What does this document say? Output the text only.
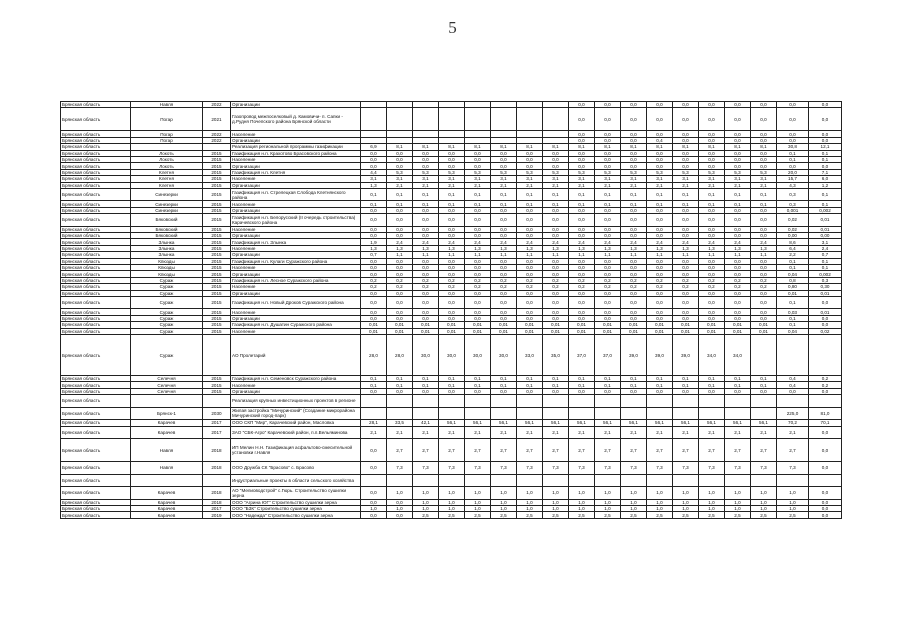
5
Брянская область	Навля	2022	Организации									0,0	0,0	0,0	0,0	0,0	0,0	0,0	0,0	0,0	0,0
Брянская область	Погар	2021	Газопровод межпоселковый д. Камовичи- п. Сапки - д.Рудня Почепского района Брянской области									0,0	0,0	0,0	0,0	0,0	0,0	0,0	0,0	0,0	0,0
Брянская область	Погар	2022	Население									0,0	0,0	0,0	0,0	0,0	0,0	0,0	0,0	0,0	0,0
Брянская область	Погар	2022	Организации									0,0	0,0	0,0	0,4	0,0	0,0	0,0	0,0	0,0	0,0
Брянская область			Реализация региональной программы газификации	6,9	8,1	8,1	8,1	8,1	8,1	8,1	8,1	8,1	8,1	8,1	8,1	8,1	8,1	8,1	8,1	30,8	12,1
Брянская область	Локоть	2015	Газификация н.п. Крахотово Брасовского района	0,0	0,0	0,0	0,0	0,0	0,0	0,0	0,0	0,0	0,0	0,0	0,0	0,0	0,0	0,0	0,0	0,1	0,1
Брянская область	Локоть	2015	Население	0,0	0,0	0,0	0,0	0,0	0,0	0,0	0,0	0,0	0,0	0,0	0,0	0,0	0,0	0,0	0,0	0,1	0,1
Брянская область	Локоть	2015	Организации	0,0	0,0	0,0	0,0	0,0	0,0	0,0	0,0	0,0	0,0	0,0	0,0	0,0	0,0	0,0	0,0	0,0	0,0
Брянская область	Клетня	2015	Газификация н.п. Клетня	4,4	5,3	5,3	5,3	5,3	5,3	5,3	5,3	5,3	5,3	5,3	5,3	5,3	5,3	5,3	5,3	20,0	7,1
Брянская область	Клетня	2015	Население	3,1	3,1	3,1	3,1	3,1	3,1	3,1	3,1	3,1	3,1	3,1	3,1	3,1	3,1	3,1	3,1	15,7	6,0
Брянская область	Клетня	2015	Организации	1,3	2,1	2,1	2,1	2,1	2,1	2,1	2,1	2,1	2,1	2,1	2,1	2,1	2,1	2,1	2,1	4,3	1,2
Брянская область	Синезерки	2015	Газификация н.п. Стрелецкая Слобода Клетнянского района	0,1	0,1	0,1	0,1	0,1	0,1	0,1	0,1	0,1	0,1	0,1	0,1	0,1	0,1	0,1	0,1	0,3	0,1
Брянская область	Синезерки	2015	Население	0,1	0,1	0,1	0,1	0,1	0,1	0,1	0,1	0,1	0,1	0,1	0,1	0,1	0,1	0,1	0,1	0,3	0,1
Брянская область	Синезерки	2015	Организации	0,0	0,0	0,0	0,0	0,0	0,0	0,0	0,0	0,0	0,0	0,0	0,0	0,0	0,0	0,0	0,0	0,001	0,002
Брянская область	Бяковский	2015	Газификация н.п. Белорусский (II очередь строительства) Карачевского района	0,0	0,0	0,0	0,0	0,0	0,0	0,0	0,0	0,0	0,0	0,0	0,0	0,0	0,0	0,0	0,0	0,02	0,01
Брянская область	Бяковский	2015	Население	0,0	0,0	0,0	0,0	0,0	0,0	0,0	0,0	0,0	0,0	0,0	0,0	0,0	0,0	0,0	0,0	0,02	0,01
Брянская область	Бяковский	2015	Организации	0,0	0,0	0,0	0,0	0,0	0,0	0,0	0,0	0,0	0,0	0,0	0,0	0,0	0,0	0,0	0,0	0,00	0,00
Брянская область	Злынка	2015	Газификация н.п. Злынка	1,9	2,4	2,4	2,4	2,4	2,4	2,4	2,4	2,4	2,4	2,4	2,4	2,4	2,4	2,4	2,4	8,6	3,1
Брянская область	Злынка	2015	Население	1,3	1,3	1,3	1,3	1,3	1,3	1,3	1,3	1,3	1,3	1,3	1,3	1,3	1,3	1,3	1,3	6,4	2,4
Брянская область	Злынка	2015	Организации	0,7	1,1	1,1	1,1	1,1	1,1	1,1	1,1	1,1	1,1	1,1	1,1	1,1	1,1	1,1	1,1	2,2	0,7
Брянская область	Кпюзды	2015	Газификация н.п. Кулаги Суражского района	0,0	0,0	0,0	0,0	0,0	0,0	0,0	0,0	0,0	0,0	0,0	0,0	0,0	0,0	0,0	0,0	0,1	0,1
Брянская область	Кпюзды	2015	Население	0,0	0,0	0,0	0,0	0,0	0,0	0,0	0,0	0,0	0,0	0,0	0,0	0,0	0,0	0,0	0,0	0,1	0,1
Брянская область	Кпюзды	2015	Организации	0,0	0,0	0,0	0,0	0,0	0,0	0,0	0,0	0,0	0,0	0,0	0,0	0,0	0,0	0,0	0,0	0,04	0,002
Брянская область	Сураж	2015	Газификация н.п. Лесное Суражского района	0,2	0,2	0,2	0,2	0,2	0,2	0,2	0,2	0,2	0,2	0,2	0,2	0,2	0,2	0,2	0,2	0,8	0,3
Брянская область	Сураж	2015	Население	0,2	0,2	0,2	0,2	0,2	0,2	0,2	0,2	0,2	0,2	0,2	0,2	0,2	0,2	0,2	0,2	0,80	0,30
Брянская область	Сураж	2015	Организации	0,0	0,0	0,0	0,0	0,0	0,0	0,0	0,0	0,0	0,0	0,0	0,0	0,0	0,0	0,0	0,0	0,01	0,01
Брянская область	Сураж	2015	Газификация н.п. Новый Дроков Суражского района	0,0	0,0	0,0	0,0	0,0	0,0	0,0	0,0	0,0	0,0	0,0	0,0	0,0	0,0	0,0	0,0	0,1	0,0
Брянская область	Сураж	2015	Население	0,0	0,0	0,0	0,0	0,0	0,0	0,0	0,0	0,0	0,0	0,0	0,0	0,0	0,0	0,0	0,0	0,03	0,01
Брянская область	Сураж	2015	Организации	0,0	0,0	0,0	0,0	0,0	0,0	0,0	0,0	0,0	0,0	0,0	0,0	0,0	0,0	0,0	0,0	0,1	0,0
Брянская область	Сураж	2015	Газификация н.п. Душатин Суражского района	0,01	0,01	0,01	0,01	0,01	0,01	0,01	0,01	0,01	0,01	0,01	0,01	0,01	0,01	0,01	0,01	0,1	0,0
Брянская область	Сураж	2015	Население	0,01	0,01	0,01	0,01	0,01	0,01	0,01	0,01	0,01	0,01	0,01	0,01	0,01	0,01	0,01	0,01	0,04	0,02
Брянская область	Сураж		АО Пролетарий	28,0	28,0	30,0	30,0	30,0	30,0	33,0	35,0	37,0	37,0	39,0	39,0	39,0	34,0	34,0			
Брянская область	Селечня	2015	Газификация н.п. Семеновск Суражского района	0,1	0,1	0,1	0,1	0,1	0,1	0,1	0,1	0,1	0,1	0,1	0,1	0,1	0,1	0,1	0,1	0,4	0,2
Брянская область	Селечня	2015	Население	0,1	0,1	0,1	0,1	0,1	0,1	0,1	0,1	0,1	0,1	0,1	0,1	0,1	0,1	0,1	0,1	0,4	0,2
Брянская область	Селечня	2015	Организации	0,0	0,0	0,0	0,0	0,0	0,0	0,0	0,0	0,0	0,0	0,0	0,0	0,0	0,0	0,0	0,0	0,0	0,0
Брянская область			Реализация крупных инвестиционных проектов в регионе																		
Брянская область	Брянск-1	2030	Жилая застройка "Мичуринский" (Создание микрорайона Мичуринский город-парк)																	225,0	81,0
Брянская область	Карачев	2017	ООО СКП "Мир", Карачевский район, Масловка	28,1	33,5	42,1	56,1	56,1	56,1	56,1	56,1	56,1	56,1	56,1	56,1	56,1	56,1	56,1	56,1	70,2	70,1
Брянская область	Карачев	2017	ЗАО "СБК-Агро" Карачевский район, п.п.Вельяминова	2,1	2,1	2,1	2,1	2,1	2,1	2,1	2,1	2,1	2,1	2,1	2,1	2,1	2,1	2,1	2,1	2,1	0,0
Брянская область	Навля	2018	ИП Мелин Н.Н. Газификация асфальтово-смесительной установки г.Навля	0,0	2,7	2,7	2,7	2,7	2,7	2,7	2,7	2,7	2,7	2,7	2,7	2,7	2,7	2,7	2,7	2,7	0,0
Брянская область	Навля	2018	ООО Дружба СК "Брасово" с. Брасово	0,0	7,3	7,3	7,3	7,3	7,3	7,3	7,3	7,3	7,3	7,3	7,3	7,3	7,3	7,3	7,3	7,3	0,0
Брянская область			Индустриальные проекты в области сельского хозяйства																		
Брянская область	Карачев	2018	АО "Мелиоводстрой" с.Гюрь. Строительство сушилки зерна	0,0	1,0	1,0	1,0	1,0	1,0	1,0	1,0	1,0	1,0	1,0	1,0	1,0	1,0	1,0	1,0	1,0	0,0
Брянская область	Карачев	2018	ООО "Агрина ЮГ" Строительство сушилки зерна	0,0	0,0	1,0	1,0	1,0	1,0	1,0	1,0	1,0	1,0	1,0	1,0	1,0	1,0	1,0	1,0	1,0	0,0
Брянская область	Карачев	2017	ООО "БЗК" Строительство сушилки зерна	1,0	1,0	1,0	1,0	1,0	1,0	1,0	1,0	1,0	1,0	1,0	1,0	1,0	1,0	1,0	1,0	1,0	0,0
Брянская область	Карачев	2019	ООО "Надежда" Строительство сушилки зерна	0,0	0,0	2,5	2,5	2,5	2,5	2,5	2,5	2,5	2,5	2,5	2,5	2,5	2,5	2,5	2,5	2,5	0,0
